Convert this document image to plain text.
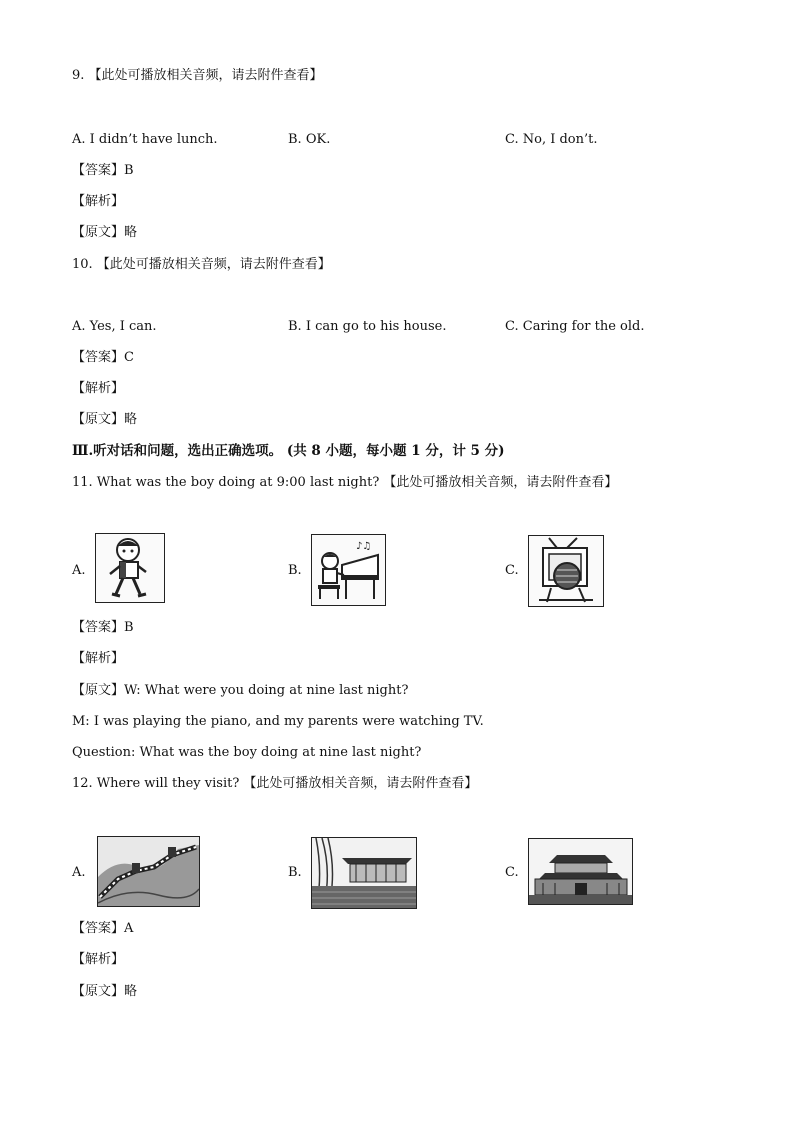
9. 【此处可播放相关音频，请去附件查看】
A. I didn’t have lunch.	B. OK.	C. No, I don’t.
【答案】B
【解析】
【原文】略
10. 【此处可播放相关音频，请去附件查看】
A. Yes, I can.	B. I can go to his house.	C. Caring for the old.
【答案】C
【解析】
【原文】略
Ⅲ.听对话和问题，选出正确选项。 (共 8 小题，每小题 1 分，计 5 分)
11. What was the boy doing at 9:00 last night? 【此处可播放相关音频，请去附件查看】
A.	B.
♪♫
C.
【答案】B
【解析】
【原文】W: What were you doing at nine last night?
M: I was playing the piano, and my parents were watching TV.
Question: What was the boy doing at nine last night?
12. Where will they visit? 【此处可播放相关音频，请去附件查看】
A.	B.	C.
【答案】A
【解析】
【原文】略
